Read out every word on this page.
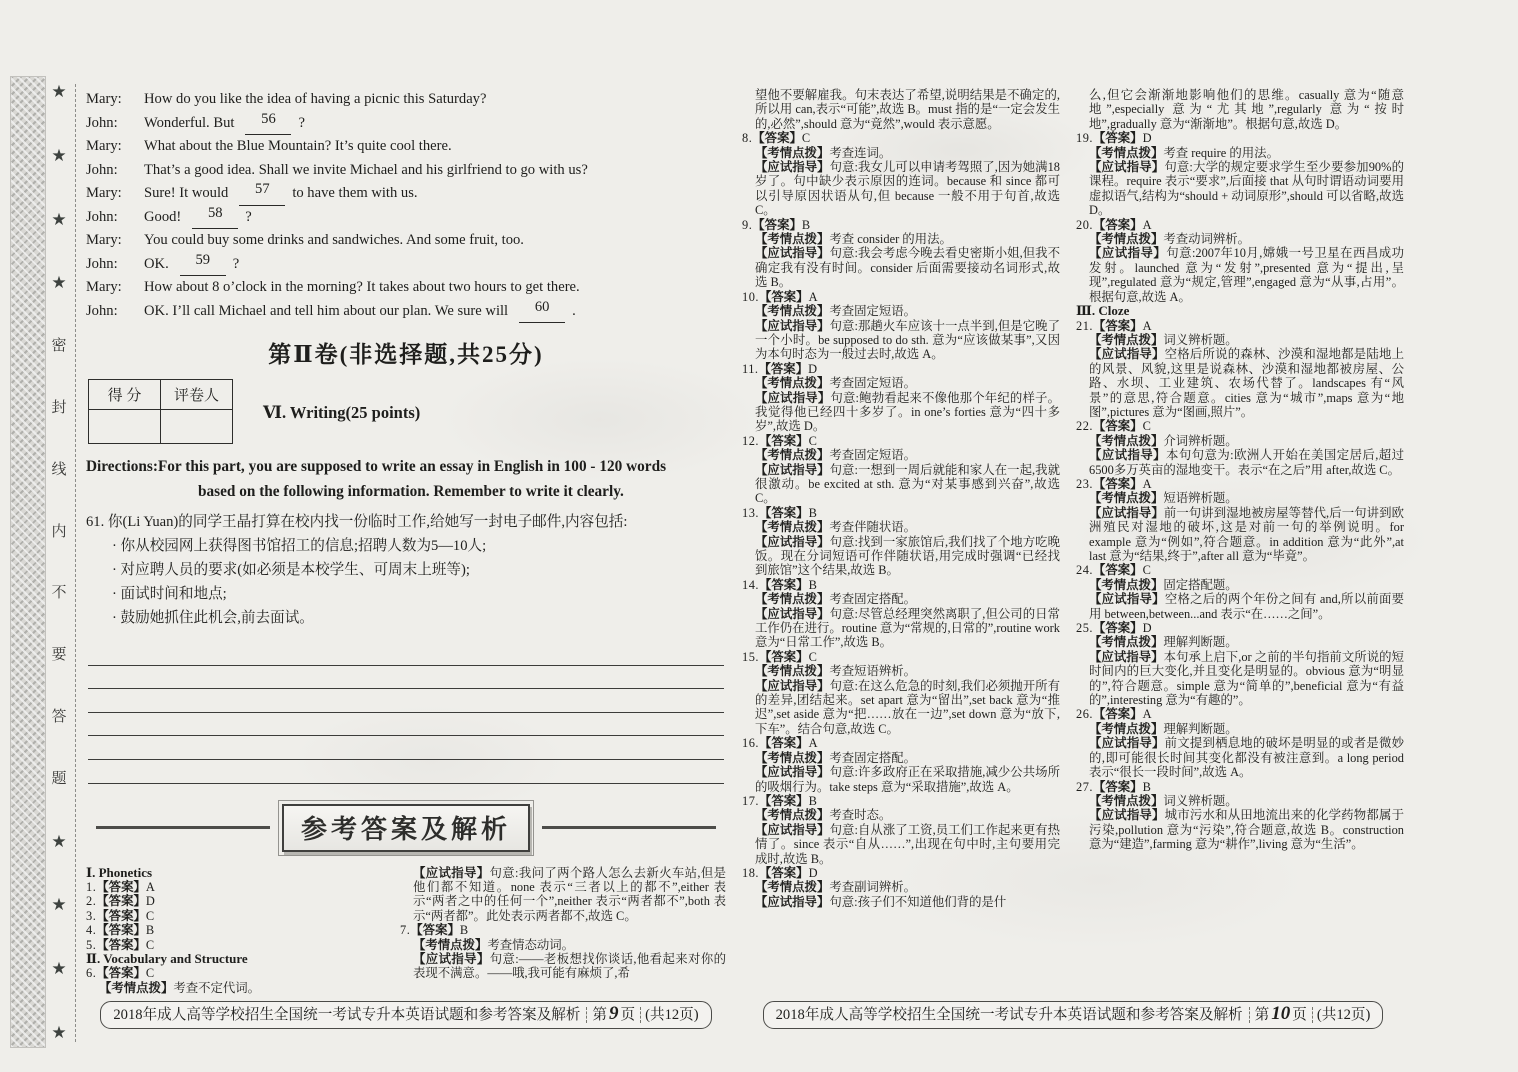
★
★
★
★
密
封
线
内
不
要
答
题
★
★
★
★
Mary:	How do you like the idea of having a picnic this Saturday?
John:	Wonderful. But	56	?
Mary:	What about the Blue Mountain? It’s quite cool there.
John:	That’s a good idea. Shall we invite Michael and his girlfriend to go with us?
Mary:	Sure! It would	57	to have them with us.
John:	Good!	58	?
Mary:	You could buy some drinks and sandwiches. And some fruit, too.
John:	OK.	59	?
Mary:	How about 8 o’clock in the morning? It takes about two hours to get there.
John:	OK. I’ll call Michael and tell him about our plan. We sure will	60	.
第Ⅱ卷(非选择题,共25分)
得 分	评卷人

Ⅵ. Writing(25 points)
Directions:For this part, you are supposed to write an essay in English in 100 - 120 words
based on the following information. Remember to write it clearly.
61. 你(Li Yuan)的同学王晶打算在校内找一份临时工作,给她写一封电子邮件,内容包括:
· 你从校园网上获得图书馆招工的信息;招聘人数为5—10人;
· 对应聘人员的要求(如必须是本校学生、可周末上班等);
· 面试时间和地点;
· 鼓励她抓住此机会,前去面试。
参考答案及解析
Ⅰ. Phonetics
1.【答案】A
2.【答案】D
3.【答案】C
4.【答案】B
5.【答案】C
Ⅱ. Vocabulary and Structure
6.【答案】C
【考情点拨】考查不定代词。
【应试指导】句意:我问了两个路人怎么去新火车站,但是他们都不知道。none 表示“三者以上的都不”,either 表示“两者之中的任何一个”,neither 表示“两者都不”,both 表示“两者都”。此处表示两者都不,故选 C。
7.【答案】B
【考情点拨】考查情态动词。
【应试指导】句意:——老板想找你谈话,他看起来对你的表现不满意。——哦,我可能有麻烦了,希
2018年成人高等学校招生全国统一考试专升本英语试题和参考答案及解析 第 9 页 (共12页)
望他不要解雇我。句末表达了希望,说明结果是不确定的,所以用 can,表示“可能”,故选 B。must 指的是“一定会发生的,必然”,should 意为“竟然”,would 表示意愿。
8.【答案】C
【考情点拨】考查连词。
【应试指导】句意:我女儿可以申请考驾照了,因为她满18岁了。句中缺少表示原因的连词。because 和 since 都可以引导原因状语从句,但 because 一般不用于句首,故选 C。
9.【答案】B
【考情点拨】考查 consider 的用法。
【应试指导】句意:我会考虑今晚去看史密斯小姐,但我不确定我有没有时间。consider 后面需要接动名词形式,故选 B。
10.【答案】A
【考情点拨】考查固定短语。
【应试指导】句意:那趟火车应该十一点半到,但是它晚了一个小时。be supposed to do sth. 意为“应该做某事”,又因为本句时态为一般过去时,故选 A。
11.【答案】D
【考情点拨】考查固定短语。
【应试指导】句意:鲍勃看起来不像他那个年纪的样子。我觉得他已经四十多岁了。in one’s forties 意为“四十多岁”,故选 D。
12.【答案】C
【考情点拨】考查固定短语。
【应试指导】句意:一想到一周后就能和家人在一起,我就很激动。be excited at sth. 意为“对某事感到兴奋”,故选 C。
13.【答案】B
【考情点拨】考查伴随状语。
【应试指导】句意:找到一家旅馆后,我们找了个地方吃晚饭。现在分词短语可作伴随状语,用完成时强调“已经找到旅馆”这个结果,故选 B。
14.【答案】B
【考情点拨】考查固定搭配。
【应试指导】句意:尽管总经理突然离职了,但公司的日常工作仍在进行。routine 意为“常规的,日常的”,routine work 意为“日常工作”,故选 B。
15.【答案】C
【考情点拨】考查短语辨析。
【应试指导】句意:在这么危急的时刻,我们必须抛开所有的差异,团结起来。set apart 意为“留出”,set back 意为“推迟”,set aside 意为“把……放在一边”,set down 意为“放下,下车”。结合句意,故选 C。
16.【答案】A
【考情点拨】考查固定搭配。
【应试指导】句意:许多政府正在采取措施,减少公共场所的吸烟行为。take steps 意为“采取措施”,故选 A。
17.【答案】B
【考情点拨】考查时态。
【应试指导】句意:自从涨了工资,员工们工作起来更有热情了。since 表示“自从……”,出现在句中时,主句要用完成时,故选 B。
18.【答案】D
【考情点拨】考查副词辨析。
【应试指导】句意:孩子们不知道他们背的是什
么,但它会渐渐地影响他们的思维。casually 意为“随意地”,especially 意为“尤其地”,regularly 意为“按时地”,gradually 意为“渐渐地”。根据句意,故选 D。
19.【答案】D
【考情点拨】考查 require 的用法。
【应试指导】句意:大学的规定要求学生至少要参加90%的课程。require 表示“要求”,后面接 that 从句时谓语动词要用虚拟语气,结构为“should + 动词原形”,should 可以省略,故选 D。
20.【答案】A
【考情点拨】考查动词辨析。
【应试指导】句意:2007年10月,嫦娥一号卫星在西昌成功发射。launched 意为“发射”,presented 意为“提出,呈现”,regulated 意为“规定,管理”,engaged 意为“从事,占用”。根据句意,故选 A。
Ⅲ. Cloze
21.【答案】A
【考情点拨】词义辨析题。
【应试指导】空格后所说的森林、沙漠和湿地都是陆地上的风景、风貌,这里是说森林、沙漠和湿地都被房屋、公路、水坝、工业建筑、农场代替了。landscapes 有“风景”的意思,符合题意。cities 意为“城市”,maps 意为“地图”,pictures 意为“图画,照片”。
22.【答案】C
【考情点拨】介词辨析题。
【应试指导】本句句意为:欧洲人开始在美国定居后,超过6500多万英亩的湿地变干。表示“在之后”用 after,故选 C。
23.【答案】A
【考情点拨】短语辨析题。
【应试指导】前一句讲到湿地被房屋等替代,后一句讲到欧洲殖民对湿地的破坏,这是对前一句的举例说明。for example 意为“例如”,符合题意。in addition 意为“此外”,at last 意为“结果,终于”,after all 意为“毕竟”。
24.【答案】C
【考情点拨】固定搭配题。
【应试指导】空格之后的两个年份之间有 and,所以前面要用 between,between...and 表示“在……之间”。
25.【答案】D
【考情点拨】理解判断题。
【应试指导】本句承上启下,or 之前的半句指前文所说的短时间内的巨大变化,并且变化是明显的。obvious 意为“明显的”,符合题意。simple 意为“简单的”,beneficial 意为“有益的”,interesting 意为“有趣的”。
26.【答案】A
【考情点拨】理解判断题。
【应试指导】前文提到栖息地的破坏是明显的或者是微妙的,即可能很长时间其变化都没有被注意到。a long period 表示“很长一段时间”,故选 A。
27.【答案】B
【考情点拨】词义辨析题。
【应试指导】城市污水和从田地流出来的化学药物都属于污染,pollution 意为“污染”,符合题意,故选 B。construction 意为“建造”,farming 意为“耕作”,living 意为“生活”。
2018年成人高等学校招生全国统一考试专升本英语试题和参考答案及解析 第 10 页 (共12页)
